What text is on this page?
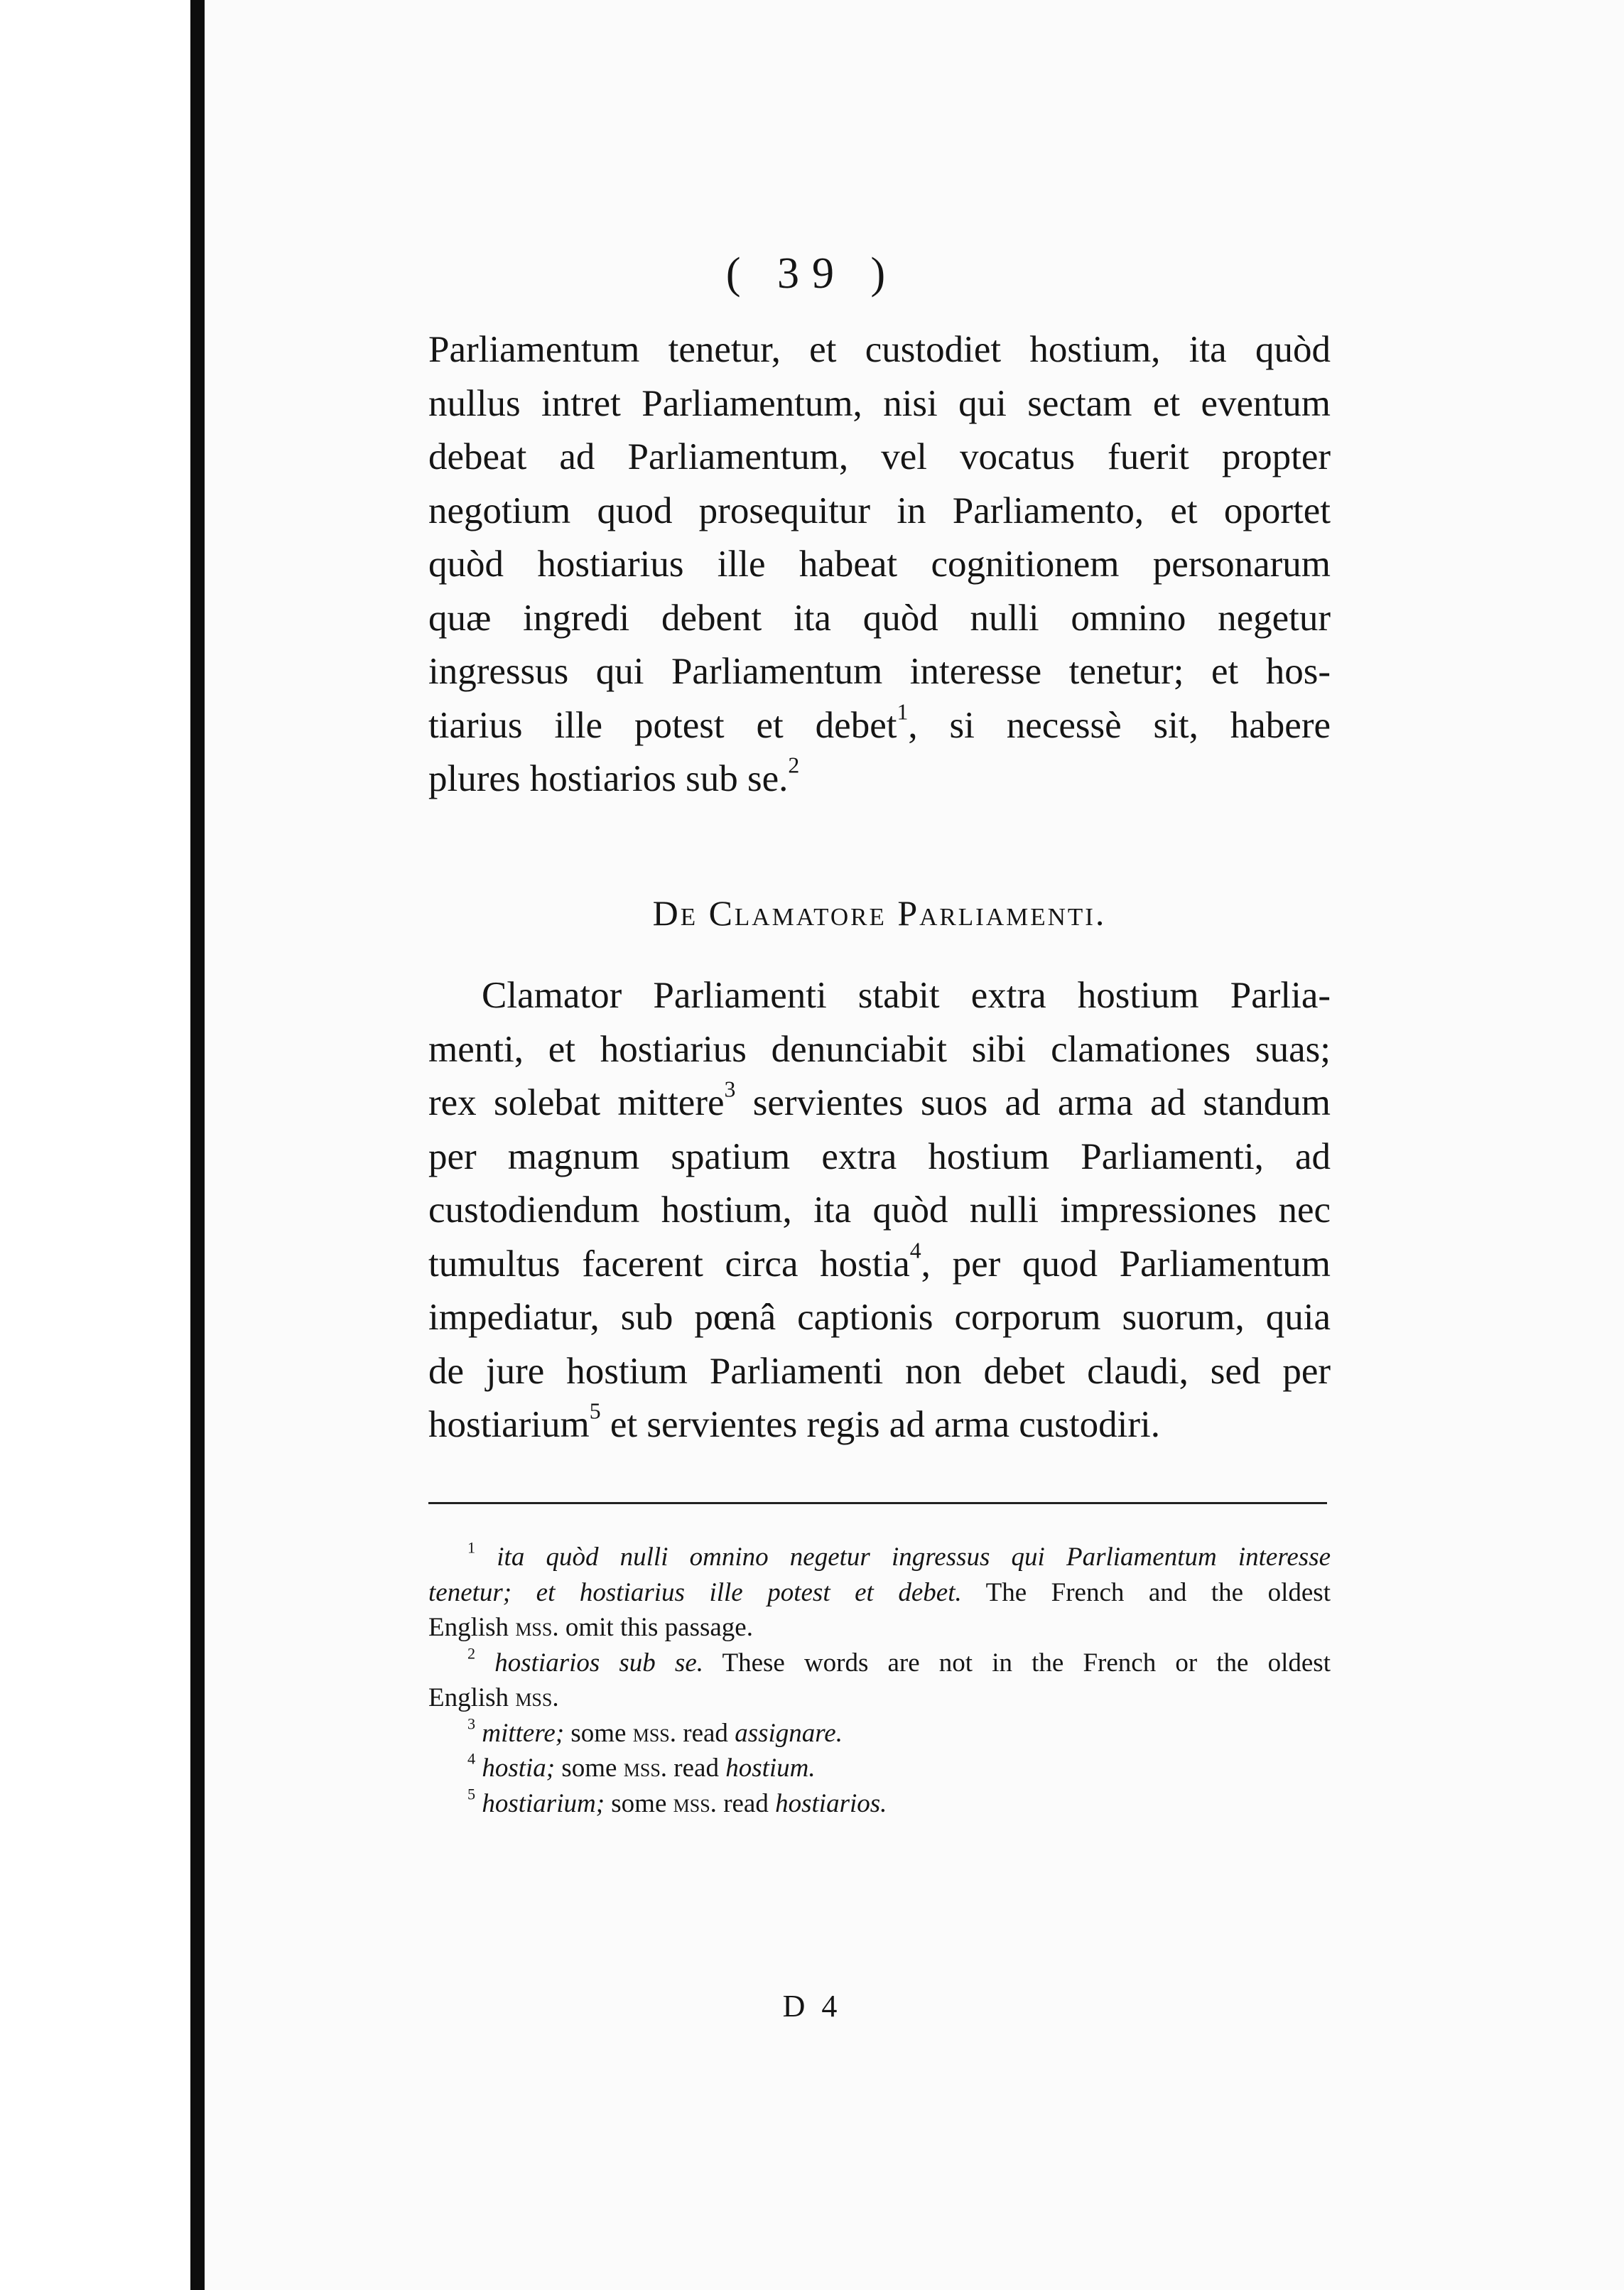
( 39 )
Parliamentum tenetur, et custodiet hostium, ita quòd
nullus intret Parliamentum, nisi qui sectam et eventum
debeat ad Parliamentum, vel vocatus fuerit propter
negotium quod prosequitur in Parliamento, et oportet
quòd hostiarius ille habeat cognitionem personarum
quæ ingredi debent ita quòd nulli omnino negetur
ingressus qui Parliamentum interesse tenetur; et hos-
tiarius ille potest et debet$^1$, si necessè sit, habere
plures hostiarios sub se.$^2$
De Clamatore Parliamenti.
Clamator Parliamenti stabit extra hostium Parlia-
menti, et hostiarius denunciabit sibi clamationes suas;
rex solebat mittere$^3$ servientes suos ad arma ad standum
per magnum spatium extra hostium Parliamenti, ad
custodiendum hostium, ita quòd nulli impressiones nec
tumultus facerent circa hostia$^4$, per quod Parliamentum
impediatur, sub pœnâ captionis corporum suorum, quia
de jure hostium Parliamenti non debet claudi, sed per
hostiarium$^5$ et servientes regis ad arma custodiri.
$^1$ ita quòd nulli omnino negetur ingressus qui Parliamentum interesse
tenetur; et hostiarius ille potest et debet. The French and the oldest
English mss. omit this passage.
$^2$ hostiarios sub se. These words are not in the French or the oldest
English mss.
$^3$ mittere; some mss. read assignare.
$^4$ hostia; some mss. read hostium.
$^5$ hostiarium; some mss. read hostiarios.
D 4
